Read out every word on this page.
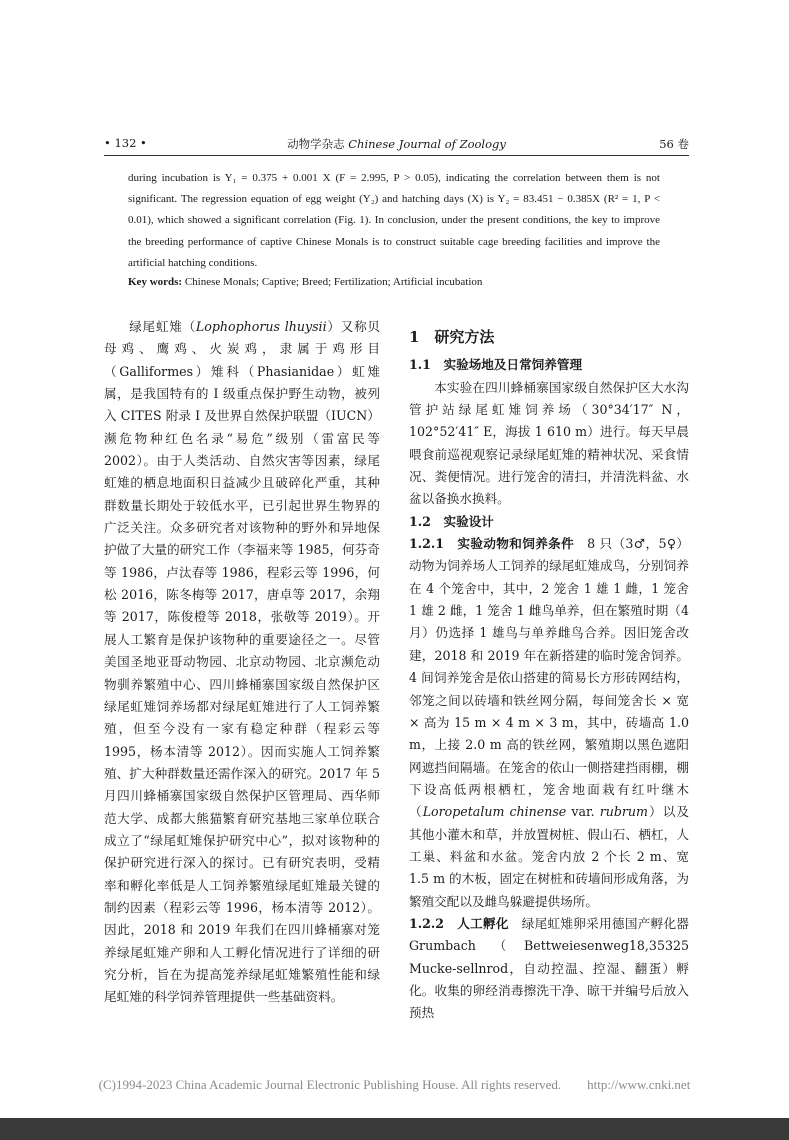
• 132 •	动物学杂志 Chinese Journal of Zoology	56 卷

during incubation is Y₁ = 0.375 + 0.001 X (F = 2.995, P > 0.05), indicating the correlation between them is not significant. The regression equation of egg weight (Y₂) and hatching days (X) is Y₂ = 83.451 − 0.385X (R² = 1, P < 0.01), which showed a significant correlation (Fig. 1). In conclusion, under the present conditions, the key to improve the breeding performance of captive Chinese Monals is to construct suitable cage breeding facilities and improve the artificial hatching conditions.

Key words: Chinese Monals; Captive; Breed; Fertilization; Artificial incubation

绿尾虹雉（Lophophorus lhuysii）又称贝母鸡、鹰鸡、火炭鸡，隶属于鸡形目（Galliformes）雉科（Phasianidae）虹雉属，是我国特有的 I 级重点保护野生动物，被列入 CITES 附录 I 及世界自然保护联盟（IUCN）濒危物种红色名录“易危”级别（雷富民等 2002）。由于人类活动、自然灾害等因素，绿尾虹雉的栖息地面积日益减少且破碎化严重，其种群数量长期处于较低水平，已引起世界生物界的广泛关注。众多研究者对该物种的野外和异地保护做了大量的研究工作（李福来等 1985，何芬奇等 1986，卢汰春等 1986，程彩云等 1996，何松 2016，陈冬梅等 2017，唐卓等 2017，余翔等 2017，陈俊橙等 2018，张敬等 2019）。开展人工繁育是保护该物种的重要途径之一。尽管美国圣地亚哥动物园、北京动物园、北京濒危动物驯养繁殖中心、四川蜂桶寨国家级自然保护区绿尾虹雉饲养场都对绿尾虹雉进行了人工饲养繁殖，但至今没有一家有稳定种群（程彩云等 1995，杨本清等 2012）。因而实施人工饲养繁殖、扩大种群数量还需作深入的研究。2017 年 5 月四川蜂桶寨国家级自然保护区管理局、西华师范大学、成都大熊猫繁育研究基地三家单位联合成立了“绿尾虹雉保护研究中心”，拟对该物种的保护研究进行深入的探讨。已有研究表明，受精率和孵化率低是人工饲养繁殖绿尾虹雉最关键的制约因素（程彩云等 1996，杨本清等 2012）。因此，2018 和 2019 年我们在四川蜂桶寨对笼养绿尾虹雉产卵和人工孵化情况进行了详细的研究分析，旨在为提高笼养绿尾虹雉繁殖性能和绿尾虹雉的科学饲养管理提供一些基础资料。

1　研究方法
1.1　实验场地及日常饲养管理

本实验在四川蜂桶寨国家级自然保护区大水沟管护站绿尾虹雉饲养场（30°34′17″ N，102°52′41″ E，海拔 1 610 m）进行。每天早晨喂食前巡视观察记录绿尾虹雉的精神状况、采食情况、粪便情况。进行笼舍的清扫，并清洗料盆、水盆以备换水换料。

1.2　实验设计

1.2.1　实验动物和饲养条件　 8 只（3♂，5♀）动物为饲养场人工饲养的绿尾虹雉成鸟，分别饲养在 4 个笼舍中，其中，2 笼舍 1 雄 1 雌，1 笼舍 1 雄 2 雌，1 笼舍 1 雌鸟单养，但在繁殖时期（4 月）仍选择 1 雄鸟与单养雌鸟合养。因旧笼舍改建，2018 和 2019 年在新搭建的临时笼舍饲养。4 间饲养笼舍是依山搭建的简易长方形砖网结构，邻笼之间以砖墙和铁丝网分隔，每间笼舍长 × 宽 × 高为 15 m × 4 m × 3 m，其中，砖墙高 1.0 m，上接 2.0 m 高的铁丝网，繁殖期以黑色遮阳网遮挡间隔墙。在笼舍的依山一侧搭建挡雨棚，棚下设高低两根栖杠，笼舍地面栽有红叶继木（Loropetalum chinense var. rubrum）以及其他小灌木和草，并放置树桩、假山石、栖杠，人工巢、料盆和水盆。笼舍内放 2 个长 2 m、宽 1.5 m 的木板，固定在树桩和砖墙间形成角落，为繁殖交配以及雌鸟躲避提供场所。

1.2.2　人工孵化　 绿尾虹雉卵采用德国产孵化器 Grumbach（Bettweiesenweg18,35325 Mucke-sellnrod，自动控温、控湿、翻蛋）孵化。收集的卵经消毒擦洗干净、晾干并编号后放入预热

(C)1994-2023 China Academic Journal Electronic Publishing House. All rights reserved.　　http://www.cnki.net
